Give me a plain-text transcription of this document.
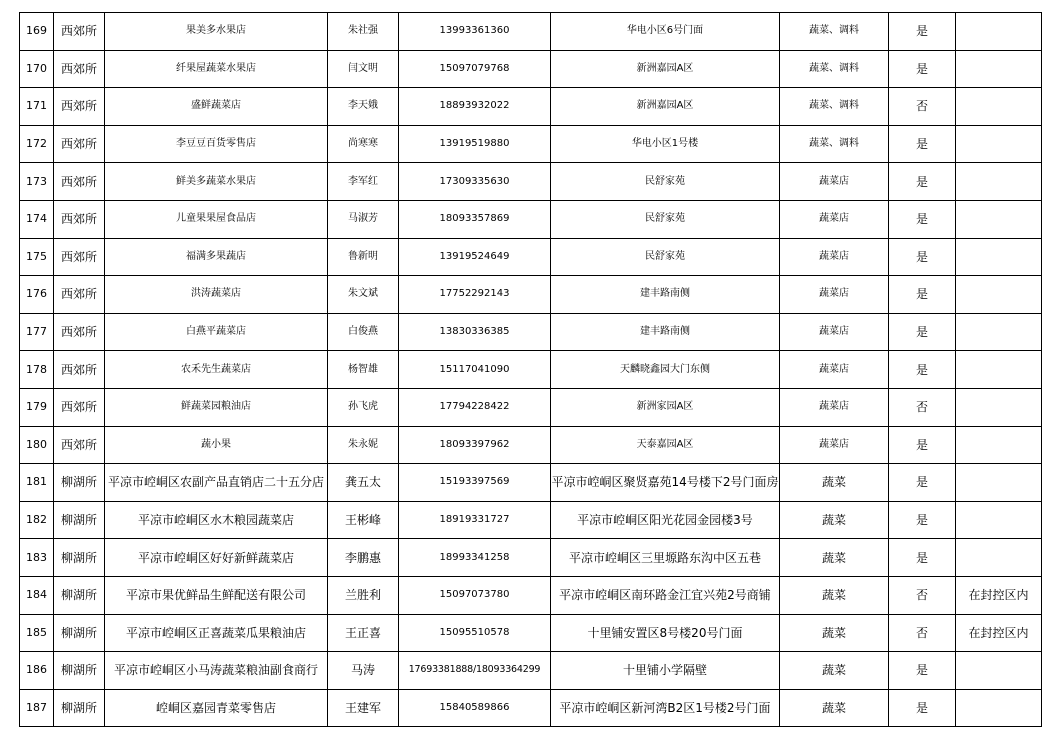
169	西郊所	果美多水果店	朱社强	13993361360	华电小区6号门面	蔬菜、调料	是	
170	西郊所	纤果屋蔬菜水果店	闫文明	15097079768	新洲嘉园A区	蔬菜、调料	是	
171	西郊所	盛鲜蔬菜店	李天娥	18893932022	新洲嘉园A区	蔬菜、调料	否	
172	西郊所	李豆豆百货零售店	尚寒寒	13919519880	华电小区1号楼	蔬菜、调料	是	
173	西郊所	鲜美多蔬菜水果店	李军红	17309335630	民舒家苑	蔬菜店	是	
174	西郊所	儿童果果屋食品店	马淑芳	18093357869	民舒家苑	蔬菜店	是	
175	西郊所	福满多果蔬店	鲁新明	13919524649	民舒家苑	蔬菜店	是	
176	西郊所	洪涛蔬菜店	朱文斌	17752292143	建丰路南侧	蔬菜店	是	
177	西郊所	白燕平蔬菜店	白俊燕	13830336385	建丰路南侧	蔬菜店	是	
178	西郊所	农禾先生蔬菜店	杨智雄	15117041090	天麟晓鑫园大门东侧	蔬菜店	是	
179	西郊所	鲜蔬菜园粮油店	孙飞虎	17794228422	新洲家园A区	蔬菜店	否	
180	西郊所	蔬小果	朱永妮	18093397962	天泰嘉园A区	蔬菜店	是	
181	柳湖所	平凉市崆峒区农副产品直销店二十五分店	龚五太	15193397569	平凉市崆峒区聚贤嘉苑14号楼下2号门面房	蔬菜	是	
182	柳湖所	平凉市崆峒区水木粮园蔬菜店	王彬峰	18919331727	平凉市崆峒区阳光花园金园楼3号	蔬菜	是	
183	柳湖所	平凉市崆峒区好好新鲜蔬菜店	李鹏惠	18993341258	平凉市崆峒区三里塬路东沟中区五巷	蔬菜	是	
184	柳湖所	平凉市果优鲜品生鲜配送有限公司	兰胜利	15097073780	平凉市崆峒区南环路金江宜兴苑2号商铺	蔬菜	否	在封控区内
185	柳湖所	平凉市崆峒区正喜蔬菜瓜果粮油店	王正喜	15095510578	十里铺安置区8号楼20号门面	蔬菜	否	在封控区内
186	柳湖所	平凉市崆峒区小马涛蔬菜粮油副食商行	马涛	17693381888/18093364299	十里铺小学隔壁	蔬菜	是	
187	柳湖所	崆峒区嘉园青菜零售店	王建军	15840589866	平凉市崆峒区新河湾B2区1号楼2号门面	蔬菜	是	
